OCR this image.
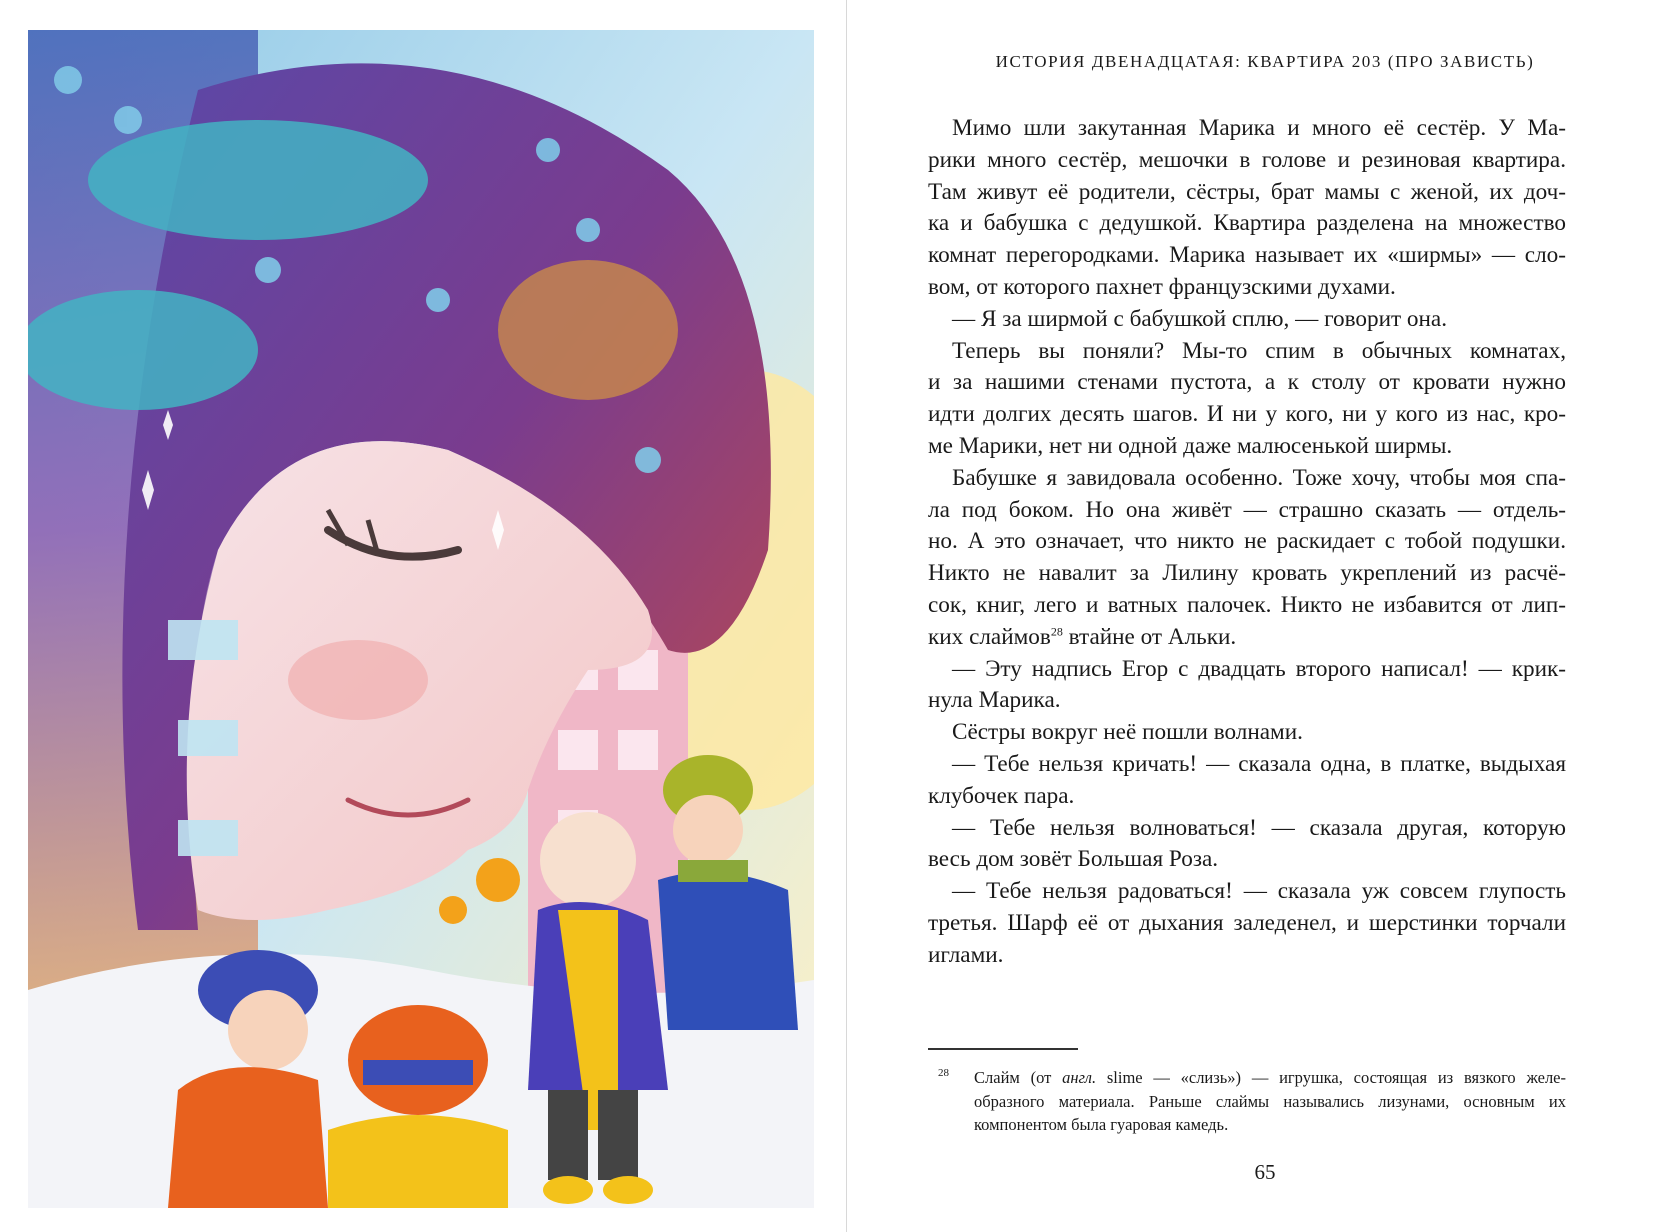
ИСТОРИЯ ДВЕНАДЦАТАЯ: КВАРТИРА 203 (ПРО ЗАВИСТЬ)
Мимо шли закутанная Марика и много её сестёр. У Ма-
рики много сестёр, мешочки в голове и резиновая квартира.
Там живут её родители, сёстры, брат мамы с женой, их доч-
ка и бабушка с дедушкой. Квартира разделена на множество
комнат перегородками. Марика называет их «ширмы» — сло-
вом, от которого пахнет французскими духами.
— Я за ширмой с бабушкой сплю, — говорит она.
Теперь вы поняли? Мы-то спим в обычных комнатах,
и за нашими стенами пустота, а к столу от кровати нужно
идти долгих десять шагов. И ни у кого, ни у кого из нас, кро-
ме Марики, нет ни одной даже малюсенькой ширмы.
Бабушке я завидовала особенно. Тоже хочу, чтобы моя спа-
ла под боком. Но она живёт — страшно сказать — отдель-
но. А это означает, что никто не раскидает с тобой подушки.
Никто не навалит за Лилину кровать укреплений из расчё-
сок, книг, лего и ватных палочек. Никто не избавится от лип-
ких слаймов$^{28}$ втайне от Альки.
— Эту надпись Егор с двадцать второго написал! — крик-
нула Марика.
Сёстры вокруг неё пошли волнами.
— Тебе нельзя кричать! — сказала одна, в платке, выдыхая
клубочек пара.
— Тебе нельзя волноваться! — сказала другая, которую
весь дом зовёт Большая Роза.
— Тебе нельзя радоваться! — сказала уж совсем глупость
третья. Шарф её от дыхания заледенел, и шерстинки торчали
иглами.
28 Слайм (от англ. slime — «слизь») — игрушка, состоящая из вязкого желе-
образного материала. Раньше слаймы назывались лизунами, основным их
компонентом была гуаровая камедь.
65
